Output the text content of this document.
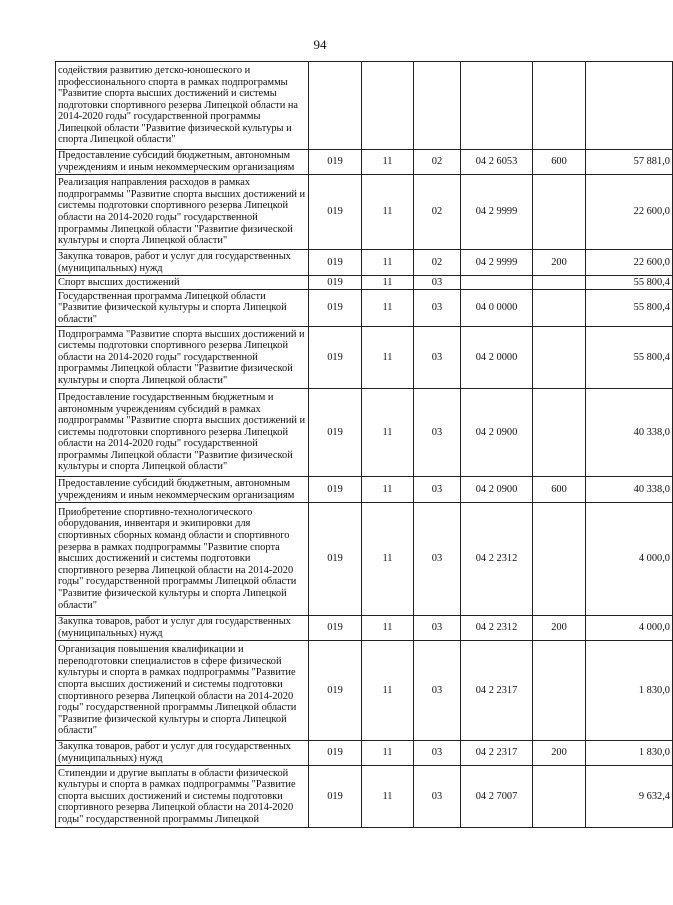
94
содействия развитию детско-юношеского и профессионального спорта в рамках подпрограммы "Развитие спорта высших достижений и системы подготовки спортивного резерва Липецкой области на 2014-2020 годы" государственной программы Липецкой области "Развитие физической культуры и спорта Липецкой области"						
Предоставление субсидий бюджетным, автономным учреждениям и иным некоммерческим организациям	019	11	02	04 2 6053	600	57 881,0
Реализация направления расходов в рамках подпрограммы "Развитие спорта высших достижений и системы подготовки спортивного резерва Липецкой области на 2014-2020 годы" государственной программы Липецкой области "Развитие физической культуры и спорта Липецкой области"	019	11	02	04 2 9999		22 600,0
Закупка товаров, работ и услуг для государственных (муниципальных) нужд	019	11	02	04 2 9999	200	22 600,0
Спорт высших достижений	019	11	03			55 800,4
Государственная программа Липецкой области "Развитие физической культуры и спорта Липецкой области"	019	11	03	04 0 0000		55 800,4
Подпрограмма "Развитие спорта высших достижений и системы подготовки спортивного резерва Липецкой области на 2014-2020 годы" государственной программы Липецкой области "Развитие физической культуры и спорта Липецкой области"	019	11	03	04 2 0000		55 800,4
Предоставление государственным бюджетным и автономным учреждениям субсидий в рамках подпрограммы "Развитие спорта высших достижений и системы подготовки спортивного резерва Липецкой области на 2014-2020 годы" государственной программы Липецкой области "Развитие физической культуры и спорта Липецкой области"	019	11	03	04 2 0900		40 338,0
Предоставление субсидий бюджетным, автономным учреждениям и иным некоммерческим организациям	019	11	03	04 2 0900	600	40 338,0
Приобретение спортивно-технологического оборудования, инвентаря и экипировки для спортивных сборных команд области и спортивного резерва в рамках подпрограммы "Развитие спорта высших достижений и системы подготовки спортивного резерва Липецкой области на 2014-2020 годы" государственной программы Липецкой области "Развитие физической культуры и спорта Липецкой области"	019	11	03	04 2 2312		4 000,0
Закупка товаров, работ и услуг для государственных (муниципальных) нужд	019	11	03	04 2 2312	200	4 000,0
Организация повышения квалификации и переподготовки специалистов в сфере физической культуры и спорта в рамках подпрограммы "Развитие спорта высших достижений и системы подготовки спортивного резерва Липецкой области на 2014-2020 годы" государственной программы Липецкой области "Развитие физической культуры и спорта Липецкой области"	019	11	03	04 2 2317		1 830,0
Закупка товаров, работ и услуг для государственных (муниципальных) нужд	019	11	03	04 2 2317	200	1 830,0
Стипендии и другие выплаты в области физической культуры и спорта в рамках подпрограммы "Развитие спорта высших достижений и системы подготовки спортивного резерва Липецкой области на 2014-2020 годы" государственной программы Липецкой	019	11	03	04 2 7007		9 632,4
